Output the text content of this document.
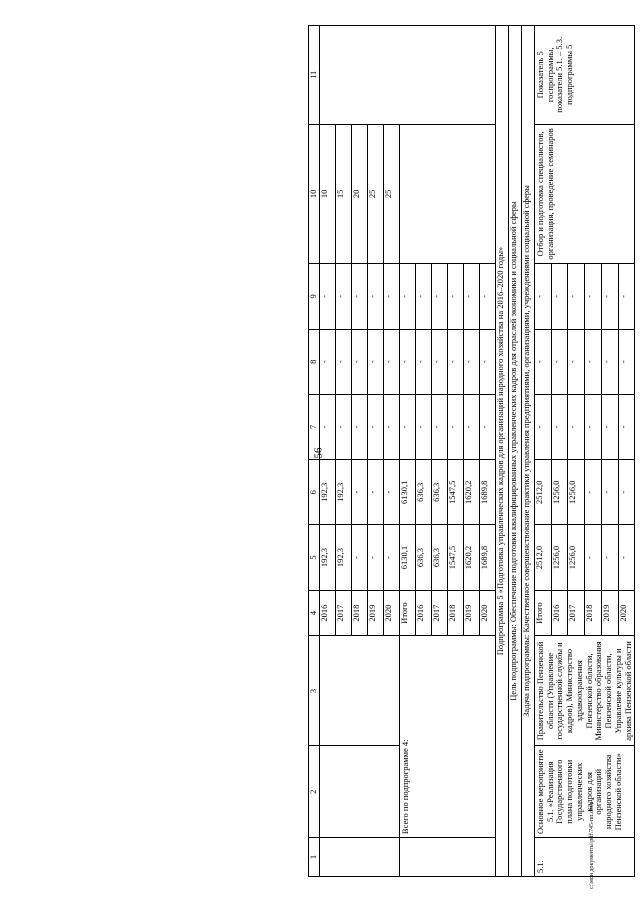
56
1	2	3	4	5	6	7	8	9	10	11
			2016	192,3	192,3	-	-	-	10	
			2017	192,3	192,3	-	-	-	15	
			2018	-	-	-	-	-	20	
			2019	-	-	-	-	-	25	
			2020	-	-	-	-	-	25	
	Всего по подпрограмме 4:		Итого	6130,1	6130,1	-	-	-		
			2016	636,3	636,3	-	-	-		
			2017	636,3	636,3	-	-	-		
			2018	1547,5	1547,5	-	-	-		
			2019	1620,2	1620,2	-	-	-		
			2020	1689,8	1689,8	-	-	-		
Подпрограмма 5 «Подготовка управленческих кадров для организаций народного хозяйства на 2016–2020 годы»										
Цель подпрограммы: Обеспечение подготовки квалифицированных управленческих кадров для отраслей экономики и социальной сферы										
Задача подпрограммы: Качественное совершенствование практики управления предприятиями, организациями, учреждениями социальной сферы										
5.1.	Основное мероприятие 5.1. «Реализация Государственного плана подготовки управленческих кадров для организаций народного хозяйства Пензенской области»	Правительство Пензенской области (Управление государственной службы и кадров), Министерство здравоохранения Пензенской области, Министерство образования Пензенской области, Управление культуры и архива Пензенской области	Итого	2512,0	2512,0	-	-	-	Отбор и подготовка специалистов, организация, проведение семинаров	Показатель 5 госпрограммы, показатели 5.1. – 5.3. подпрограммы 5
			2016	1256,0	1256,0	-	-	-		
			2017	1256,0	1256,0	-	-	-		
			2018	-	-	-	-	-		
			2019	-	-	-	-	-		
			2020	-	-	-	-	-		
c:\мои документы\pdf\745-пп.docx
